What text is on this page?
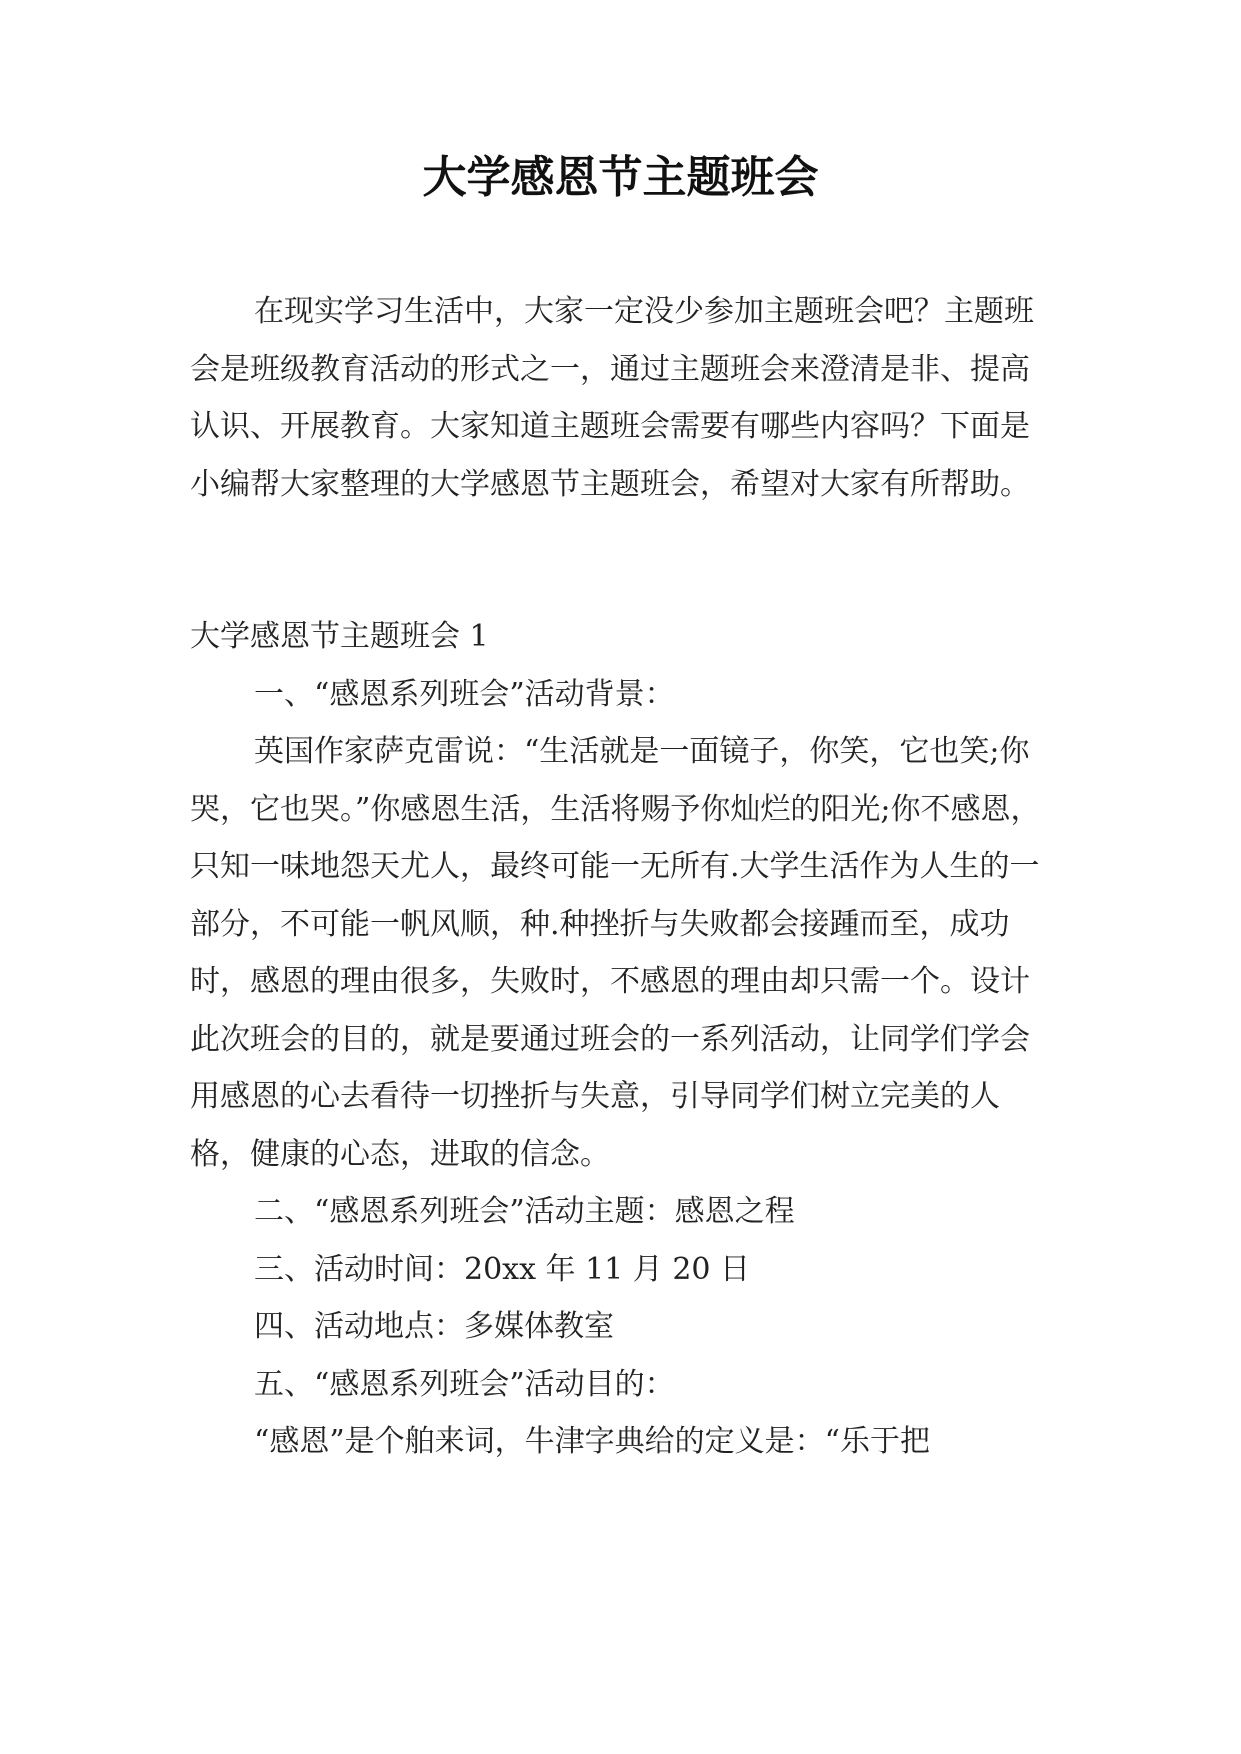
大学感恩节主题班会

在现实学习生活中，大家一定没少参加主题班会吧？主题班会是班级教育活动的形式之一，通过主题班会来澄清是非、提高认识、开展教育。大家知道主题班会需要有哪些内容吗？下面是小编帮大家整理的大学感恩节主题班会，希望对大家有所帮助。

大学感恩节主题班会 1

一、“感恩系列班会”活动背景：

英国作家萨克雷说：“生活就是一面镜子，你笑，它也笑;你哭，它也哭。”你感恩生活，生活将赐予你灿烂的阳光;你不感恩，只知一味地怨天尤人，最终可能一无所有.大学生活作为人生的一部分，不可能一帆风顺，种.种挫折与失败都会接踵而至，成功时，感恩的理由很多，失败时，不感恩的理由却只需一个。设计此次班会的目的，就是要通过班会的一系列活动，让同学们学会用感恩的心去看待一切挫折与失意，引导同学们树立完美的人格，健康的心态，进取的信念。

二、“感恩系列班会”活动主题：感恩之程

三、活动时间：20xx 年 11 月 20 日

四、活动地点：多媒体教室

五、“感恩系列班会”活动目的：

“感恩”是个舶来词，牛津字典给的定义是：“乐于把
